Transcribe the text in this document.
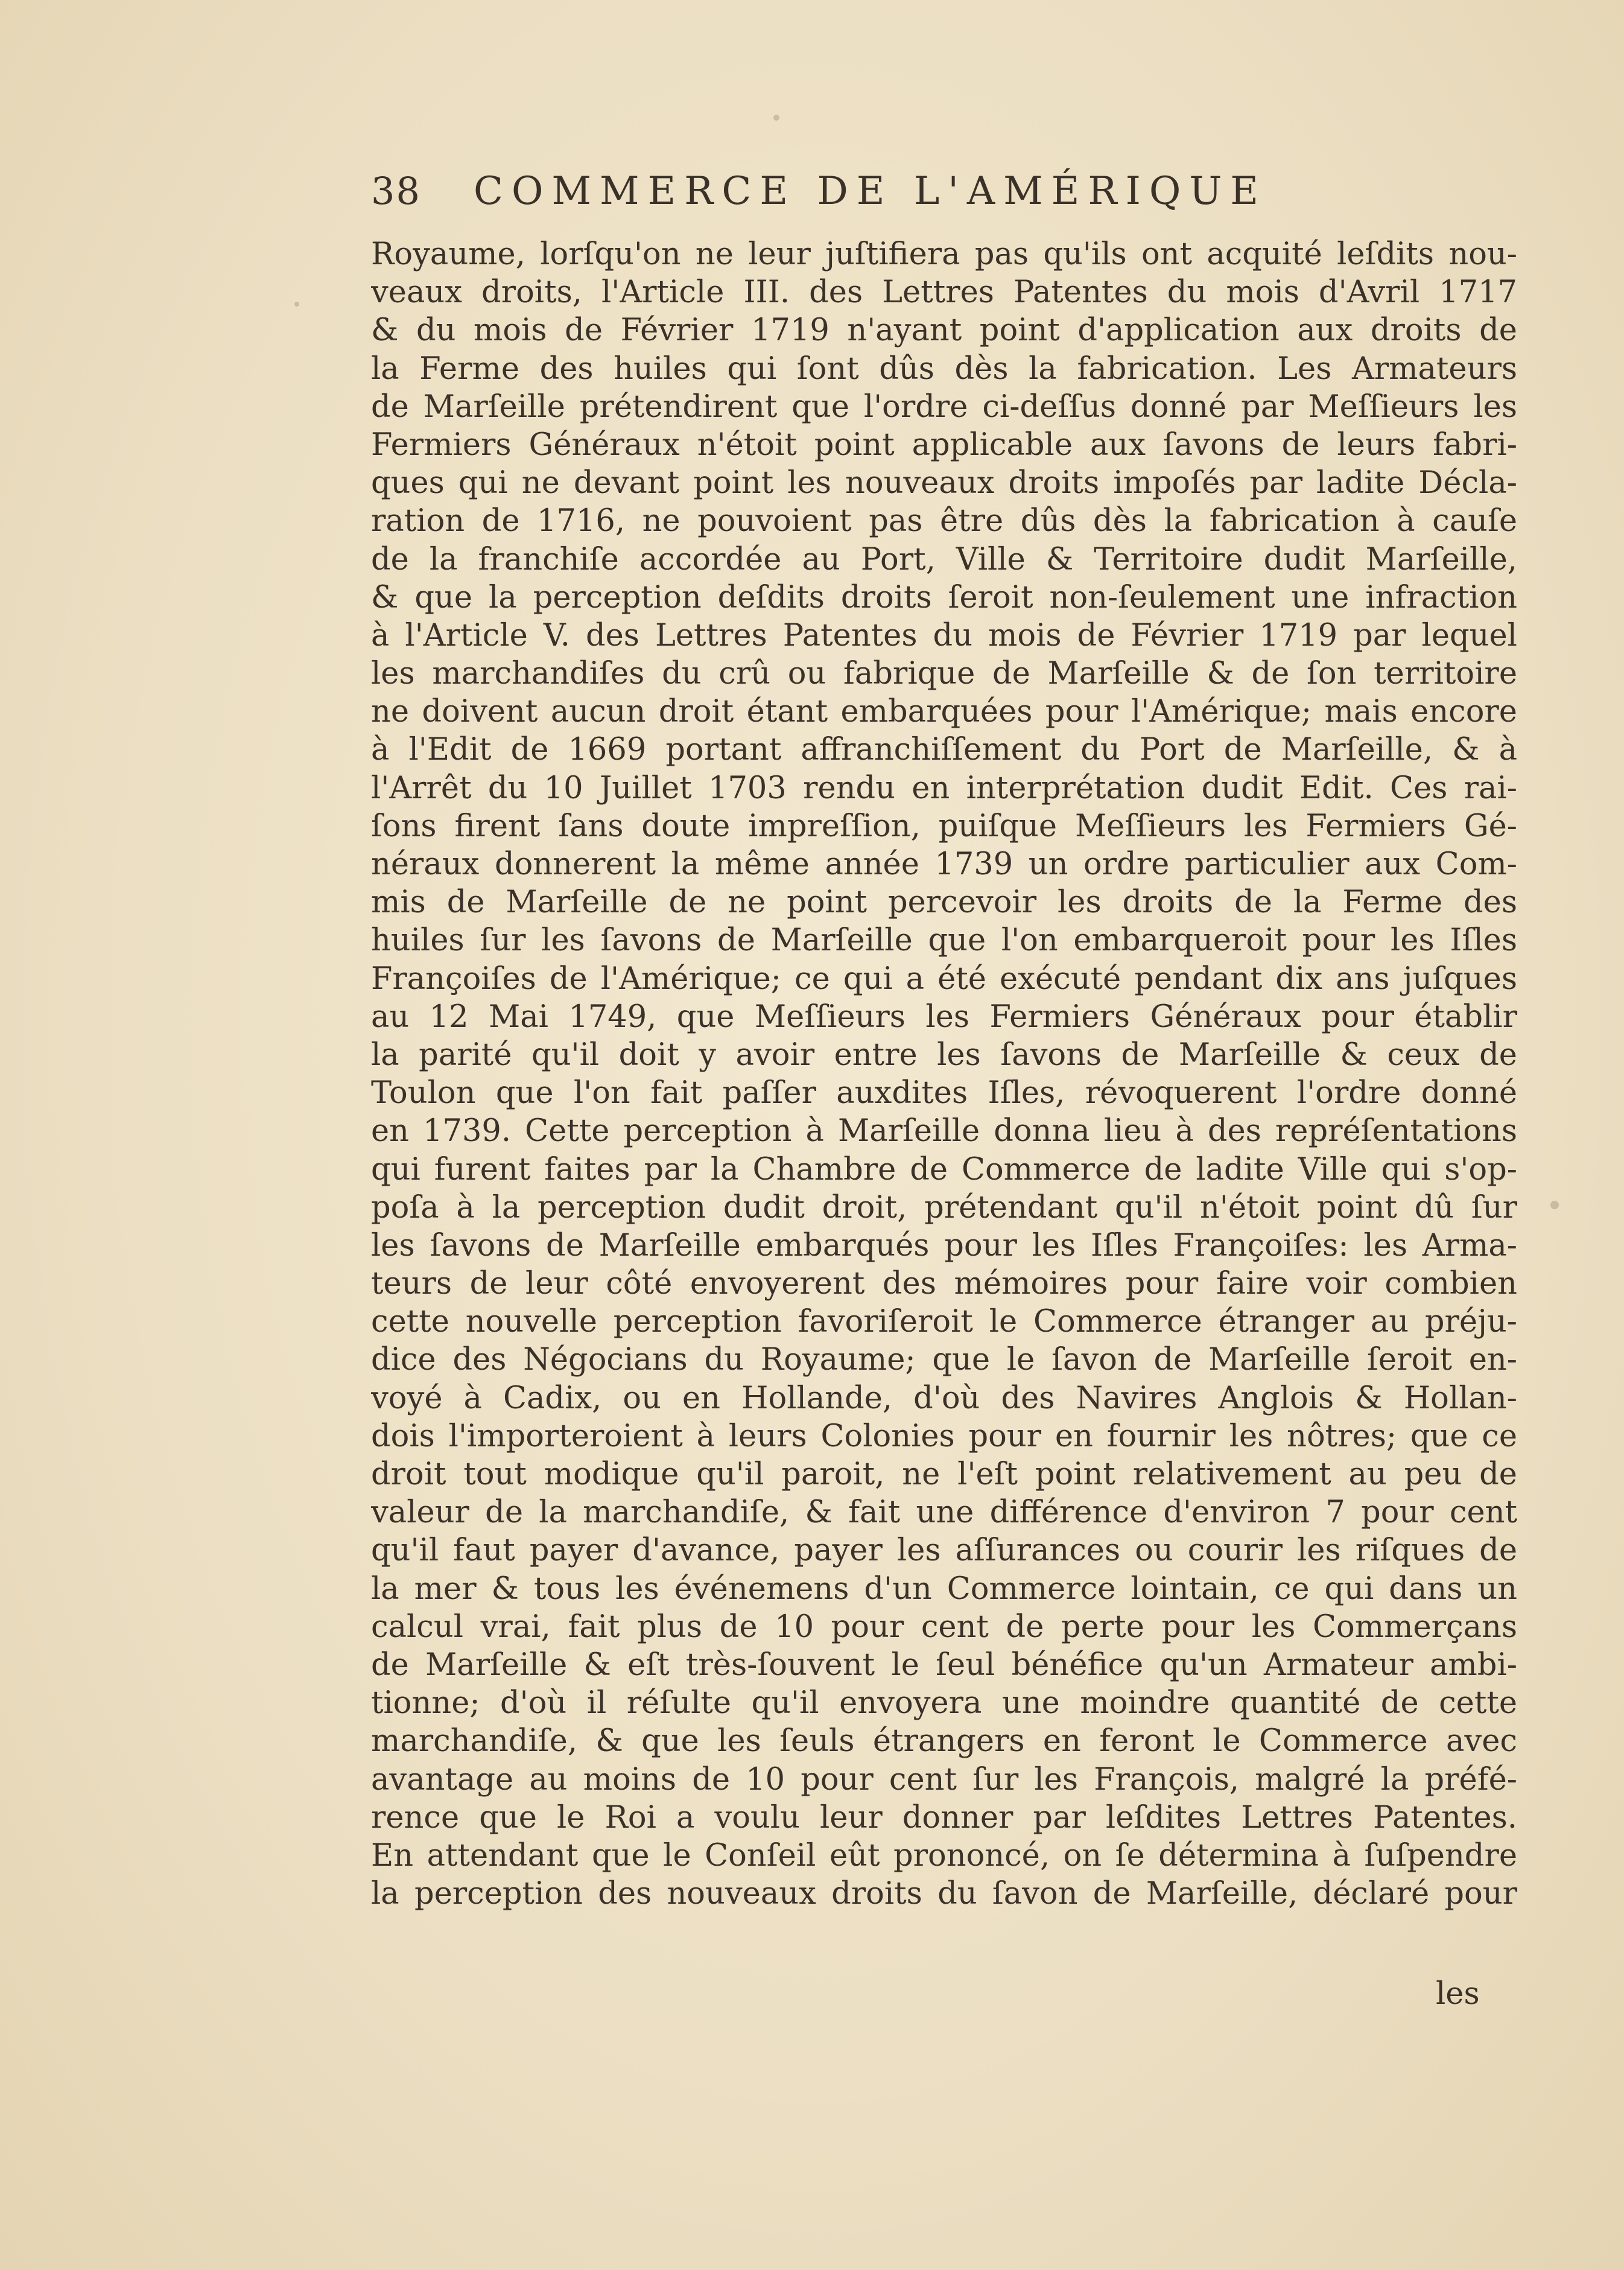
38	COMMERCE DE L'AMÉRIQUE
Royaume, lorſqu'on ne leur juſtifiera pas qu'ils ont acquité leſdits nou-
veaux droits, l'Article III. des Lettres Patentes du mois d'Avril 1717
& du mois de Février 1719 n'ayant point d'application aux droits de
la Ferme des huiles qui ſont dûs dès la fabrication. Les Armateurs
de Marſeille prétendirent que l'ordre ci-deſſus donné par Meſſieurs les
Fermiers Généraux n'étoit point applicable aux ſavons de leurs fabri-
ques qui ne devant point les nouveaux droits impoſés par ladite Décla-
ration de 1716, ne pouvoient pas être dûs dès la fabrication à cauſe
de la franchiſe accordée au Port, Ville & Territoire dudit Marſeille,
& que la perception deſdits droits ſeroit non-ſeulement une infraction
à l'Article V. des Lettres Patentes du mois de Février 1719 par lequel
les marchandiſes du crû ou fabrique de Marſeille & de ſon territoire
ne doivent aucun droit étant embarquées pour l'Amérique; mais encore
à l'Edit de 1669 portant affranchiſſement du Port de Marſeille, & à
l'Arrêt du 10 Juillet 1703 rendu en interprétation dudit Edit. Ces rai-
ſons firent ſans doute impreſſion, puiſque Meſſieurs les Fermiers Gé-
néraux donnerent la même année 1739 un ordre particulier aux Com-
mis de Marſeille de ne point percevoir les droits de la Ferme des
huiles ſur les ſavons de Marſeille que l'on embarqueroit pour les Iſles
Françoiſes de l'Amérique; ce qui a été exécuté pendant dix ans juſques
au 12 Mai 1749, que Meſſieurs les Fermiers Généraux pour établir
la parité qu'il doit y avoir entre les ſavons de Marſeille & ceux de
Toulon que l'on fait paſſer auxdites Iſles, révoquerent l'ordre donné
en 1739. Cette perception à Marſeille donna lieu à des repréſentations
qui furent faites par la Chambre de Commerce de ladite Ville qui s'op-
poſa à la perception dudit droit, prétendant qu'il n'étoit point dû ſur
les ſavons de Marſeille embarqués pour les Iſles Françoiſes: les Arma-
teurs de leur côté envoyerent des mémoires pour faire voir combien
cette nouvelle perception favoriſeroit le Commerce étranger au préju-
dice des Négocians du Royaume; que le ſavon de Marſeille ſeroit en-
voyé à Cadix, ou en Hollande, d'où des Navires Anglois & Hollan-
dois l'importeroient à leurs Colonies pour en fournir les nôtres; que ce
droit tout modique qu'il paroit, ne l'eſt point relativement au peu de
valeur de la marchandiſe, & fait une différence d'environ 7 pour cent
qu'il faut payer d'avance, payer les aſſurances ou courir les riſques de
la mer & tous les événemens d'un Commerce lointain, ce qui dans un
calcul vrai, fait plus de 10 pour cent de perte pour les Commerçans
de Marſeille & eſt très-ſouvent le ſeul bénéfice qu'un Armateur ambi-
tionne; d'où il réſulte qu'il envoyera une moindre quantité de cette
marchandiſe, & que les ſeuls étrangers en feront le Commerce avec
avantage au moins de 10 pour cent ſur les François, malgré la préfé-
rence que le Roi a voulu leur donner par leſdites Lettres Patentes.
En attendant que le Conſeil eût prononcé, on ſe détermina à ſuſpendre
la perception des nouveaux droits du ſavon de Marſeille, déclaré pour
les
